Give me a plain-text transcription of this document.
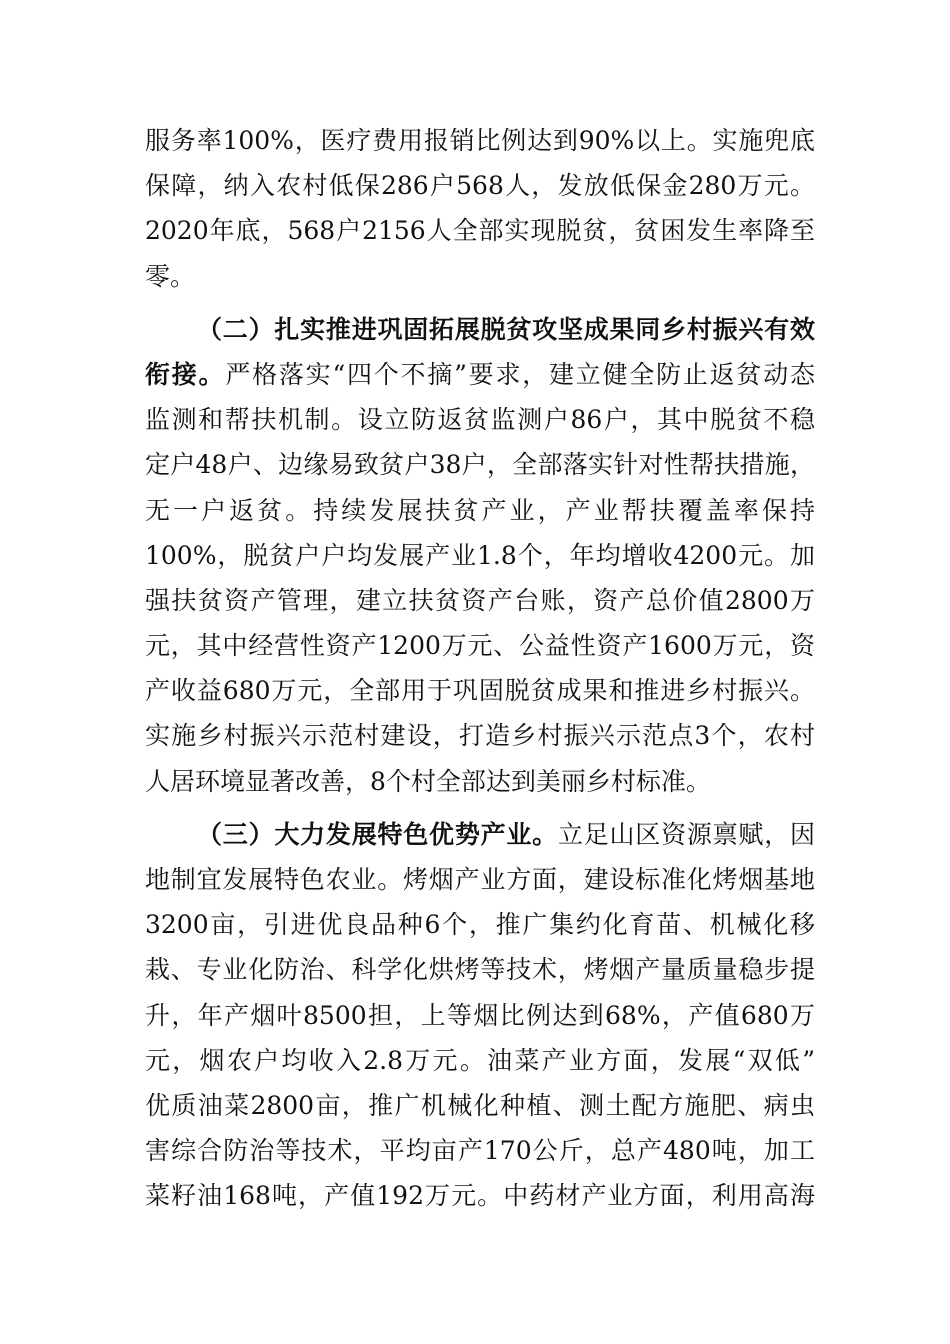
服务率100%，医疗费用报销比例达到90%以上。实施兜底
保障，纳入农村低保286户568人，发放低保金280万元。
2020年底，568户2156人全部实现脱贫，贫困发生率降至
零。
（二）扎实推进巩固拓展脱贫攻坚成果同乡村振兴有效
衔接。严格落实“四个不摘”要求，建立健全防止返贫动态
监测和帮扶机制。设立防返贫监测户86户，其中脱贫不稳
定户48户、边缘易致贫户38户，全部落实针对性帮扶措施，
无一户返贫。持续发展扶贫产业，产业帮扶覆盖率保持
100%，脱贫户户均发展产业1.8个，年均增收4200元。加
强扶贫资产管理，建立扶贫资产台账，资产总价值2800万
元，其中经营性资产1200万元、公益性资产1600万元，资
产收益680万元，全部用于巩固脱贫成果和推进乡村振兴。
实施乡村振兴示范村建设，打造乡村振兴示范点3个，农村
人居环境显著改善，8个村全部达到美丽乡村标准。
（三）大力发展特色优势产业。立足山区资源禀赋，因
地制宜发展特色农业。烤烟产业方面，建设标准化烤烟基地
3200亩，引进优良品种6个，推广集约化育苗、机械化移
栽、专业化防治、科学化烘烤等技术，烤烟产量质量稳步提
升，年产烟叶8500担，上等烟比例达到68%，产值680万
元，烟农户均收入2.8万元。油菜产业方面，发展“双低”
优质油菜2800亩，推广机械化种植、测土配方施肥、病虫
害综合防治等技术，平均亩产170公斤，总产480吨，加工
菜籽油168吨，产值192万元。中药材产业方面，利用高海
